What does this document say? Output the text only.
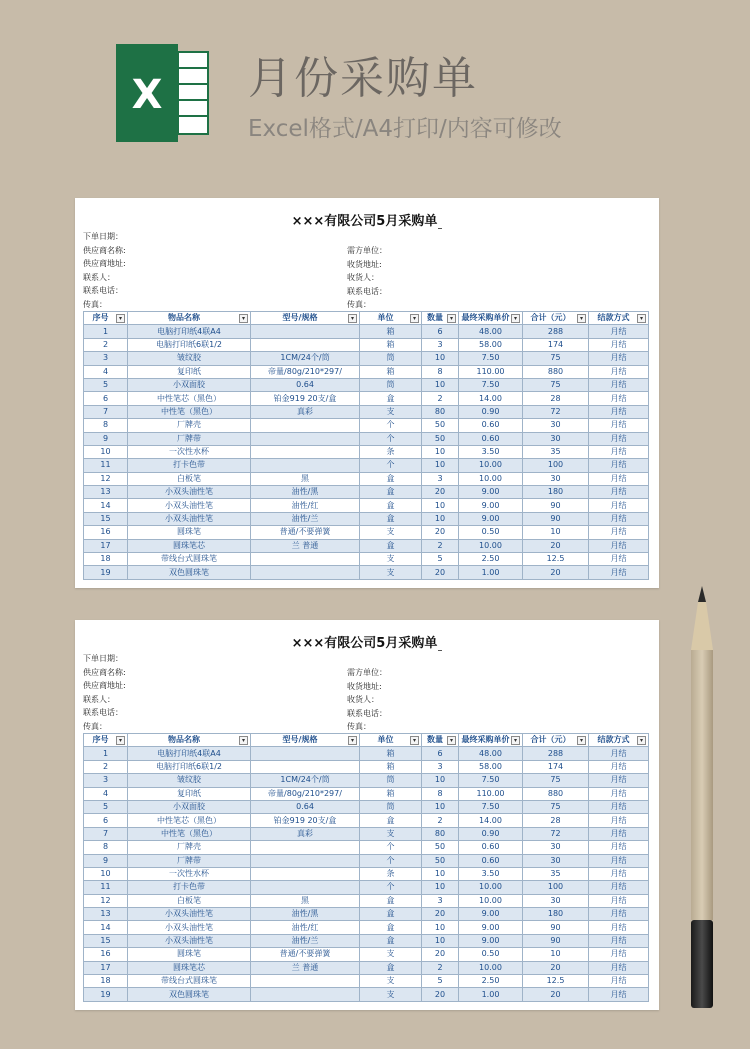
X 月份采购单
Excel格式/A4打印/内容可修改
×××有限公司5月采购单
下单日期：
供应商名称:
供应商地址:
联系人：
联系电话：
传真：
需方单位：
收货地址:
收货人：
联系电话：
传真：
序号 ▾	物品名称 ▾	型号/规格 ▾	单位 ▾	数量 ▾	最终采购单价 ▾	合计（元） ▾	结款方式 ▾

1	电脑打印纸4联A4		箱	6	48.00	288	月结
2	电脑打印纸6联1/2		箱	3	58.00	174	月结
3	皱纹胶	1CM/24个/筒	筒	10	7.50	75	月结
4	复印纸	帝量/80g/210*297/	箱	8	110.00	880	月结
5	小双面胶	0.64	筒	10	7.50	75	月结
6	中性笔芯（黑色）	铂金919 20支/盒	盒	2	14.00	28	月结
7	中性笔（黑色）	真彩	支	80	0.90	72	月结
8	厂牌壳		个	50	0.60	30	月结
9	厂牌带		个	50	0.60	30	月结
10	一次性水杯		条	10	3.50	35	月结
11	打卡色带		个	10	10.00	100	月结
12	白板笔	黑	盒	3	10.00	30	月结
13	小双头油性笔	油性/黑	盒	20	9.00	180	月结
14	小双头油性笔	油性/红	盒	10	9.00	90	月结
15	小双头油性笔	油性/兰	盒	10	9.00	90	月结
16	圆珠笔	普通/不要弹簧	支	20	0.50	10	月结
17	圆珠笔芯	兰 普通	盒	2	10.00	20	月结
18	带线台式圆珠笔		支	5	2.50	12.5	月结
19	双色圆珠笔		支	20	1.00	20	月结
×××有限公司5月采购单
下单日期：
供应商名称:
供应商地址:
联系人：
联系电话：
传真：
需方单位：
收货地址:
收货人：
联系电话：
传真：
序号 ▾	物品名称 ▾	型号/规格 ▾	单位 ▾	数量 ▾	最终采购单价 ▾	合计（元） ▾	结款方式 ▾

1	电脑打印纸4联A4		箱	6	48.00	288	月结
2	电脑打印纸6联1/2		箱	3	58.00	174	月结
3	皱纹胶	1CM/24个/筒	筒	10	7.50	75	月结
4	复印纸	帝量/80g/210*297/	箱	8	110.00	880	月结
5	小双面胶	0.64	筒	10	7.50	75	月结
6	中性笔芯（黑色）	铂金919 20支/盒	盒	2	14.00	28	月结
7	中性笔（黑色）	真彩	支	80	0.90	72	月结
8	厂牌壳		个	50	0.60	30	月结
9	厂牌带		个	50	0.60	30	月结
10	一次性水杯		条	10	3.50	35	月结
11	打卡色带		个	10	10.00	100	月结
12	白板笔	黑	盒	3	10.00	30	月结
13	小双头油性笔	油性/黑	盒	20	9.00	180	月结
14	小双头油性笔	油性/红	盒	10	9.00	90	月结
15	小双头油性笔	油性/兰	盒	10	9.00	90	月结
16	圆珠笔	普通/不要弹簧	支	20	0.50	10	月结
17	圆珠笔芯	兰 普通	盒	2	10.00	20	月结
18	带线台式圆珠笔		支	5	2.50	12.5	月结
19	双色圆珠笔		支	20	1.00	20	月结
